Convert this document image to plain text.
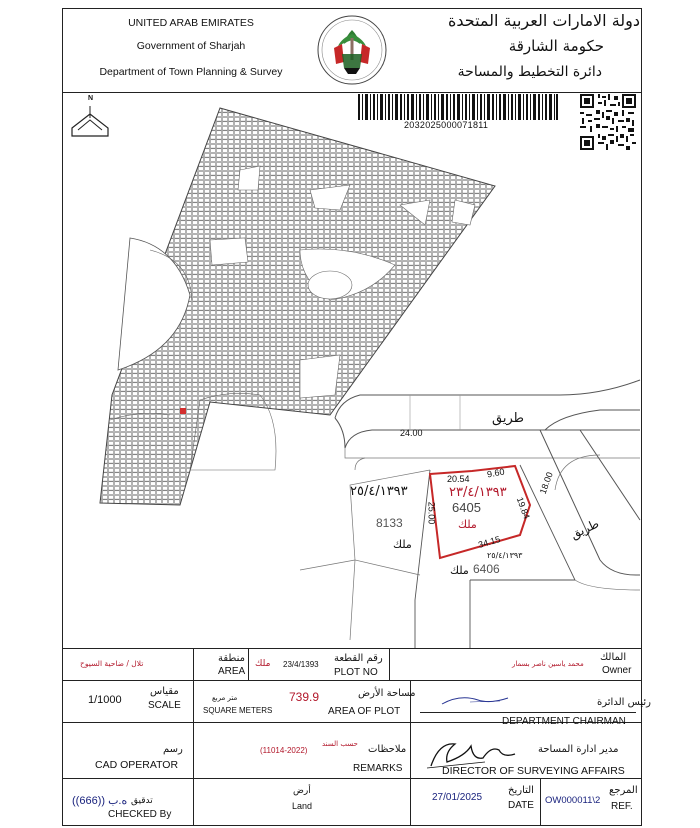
UNITED ARAB EMIRATES
Government of Sharjah
Department of Town Planning & Survey
دولة الامارات العربية المتحدة
حكومة الشارقة
دائرة التخطيط والمساحة
N
2032025000071811
طريق
24.00
18.00
طريق
20.54 9.60
19.84
34.15
25.00
٢٣/٤/١٣٩٣
6405
ملك
٢٥/٤/١٣٩٣
8133
ملك
٢٥/٤/١٣٩٣
6406
ملك
تلال / ضاحية السيوح	منطقة
AREA
ملك 23/4/1393
رقم القطعة
PLOT NO
محمد ياسين ناصر بسمار
المالك
Owner
1/1000
مقياس
SCALE
متر مربع
SQUARE METERS
739.9	مساحة الأرض
AREA OF PLOT
رئيس الدائرة
DEPARTMENT CHAIRMAN
رسم
CAD OPERATOR
(11014-2022)
حسب السند ملاحظات
REMARKS
مدير ادارة المساحة
DIRECTOR OF SURVEYING AFFAIRS
ه.ب ((666)) تدقيق
CHECKED By
أرض
Land
27/01/2025
التاريخ
DATE OW000011\2
المرجع
REF.
